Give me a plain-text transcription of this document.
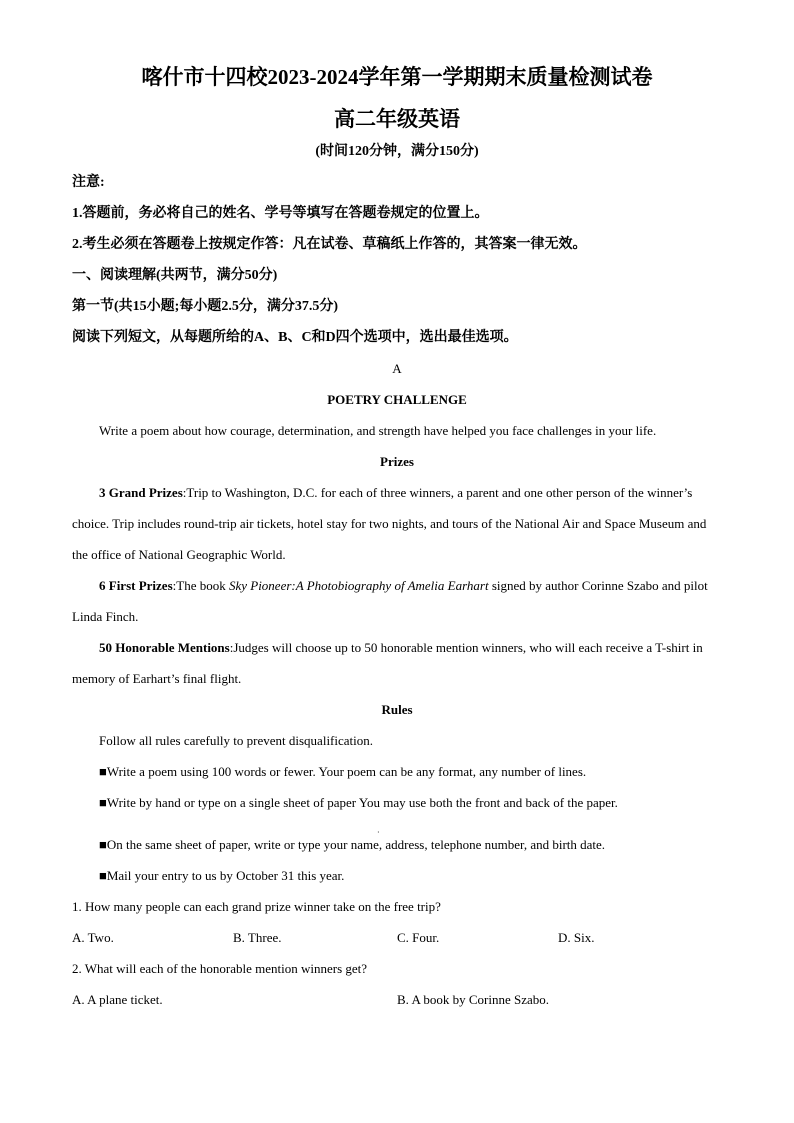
喀什市十四校2023-2024学年第一学期期末质量检测试卷

高二年级英语

(时间120分钟，满分150分)

注意:

1.答题前，务必将自己的姓名、学号等填写在答题卷规定的位置上。

2.考生必须在答题卷上按规定作答：凡在试卷、草稿纸上作答的，其答案一律无效。

一、阅读理解(共两节，满分50分)

第一节(共15小题;每小题2.5分，满分37.5分)

阅读下列短文，从每题所给的A、B、C和D四个选项中，选出最佳选项。

A

POETRY CHALLENGE

Write a poem about how courage, determination, and strength have helped you face challenges in your life.

Prizes

3 Grand Prizes:Trip to Washington, D.C. for each of three winners, a parent and one other person of the winner’s choice. Trip includes round-trip air tickets, hotel stay for two nights, and tours of the National Air and Space Museum and the office of National Geographic World.

6 First Prizes:The book Sky Pioneer:A Photobiography of Amelia Earhart signed by author Corinne Szabo and pilot Linda Finch.

50 Honorable Mentions:Judges will choose up to 50 honorable mention winners, who will each receive a T-shirt in memory of Earhart’s final flight.

Rules

Follow all rules carefully to prevent disqualification.

■Write a poem using 100 words or fewer. Your poem can be any format, any number of lines.

■Write by hand or type on a single sheet of paper You may use both the front and back of the paper.

■On the same sheet of paper, write or type your name, address, telephone number, and birth date.

■Mail your entry to us by October 31 this year.

1. How many people can each grand prize winner take on the free trip?

A. Two.	B. Three.	C. Four.	D. Six.

2. What will each of the honorable mention winners get?

A. A plane ticket.	B. A book by Corinne Szabo.
·
